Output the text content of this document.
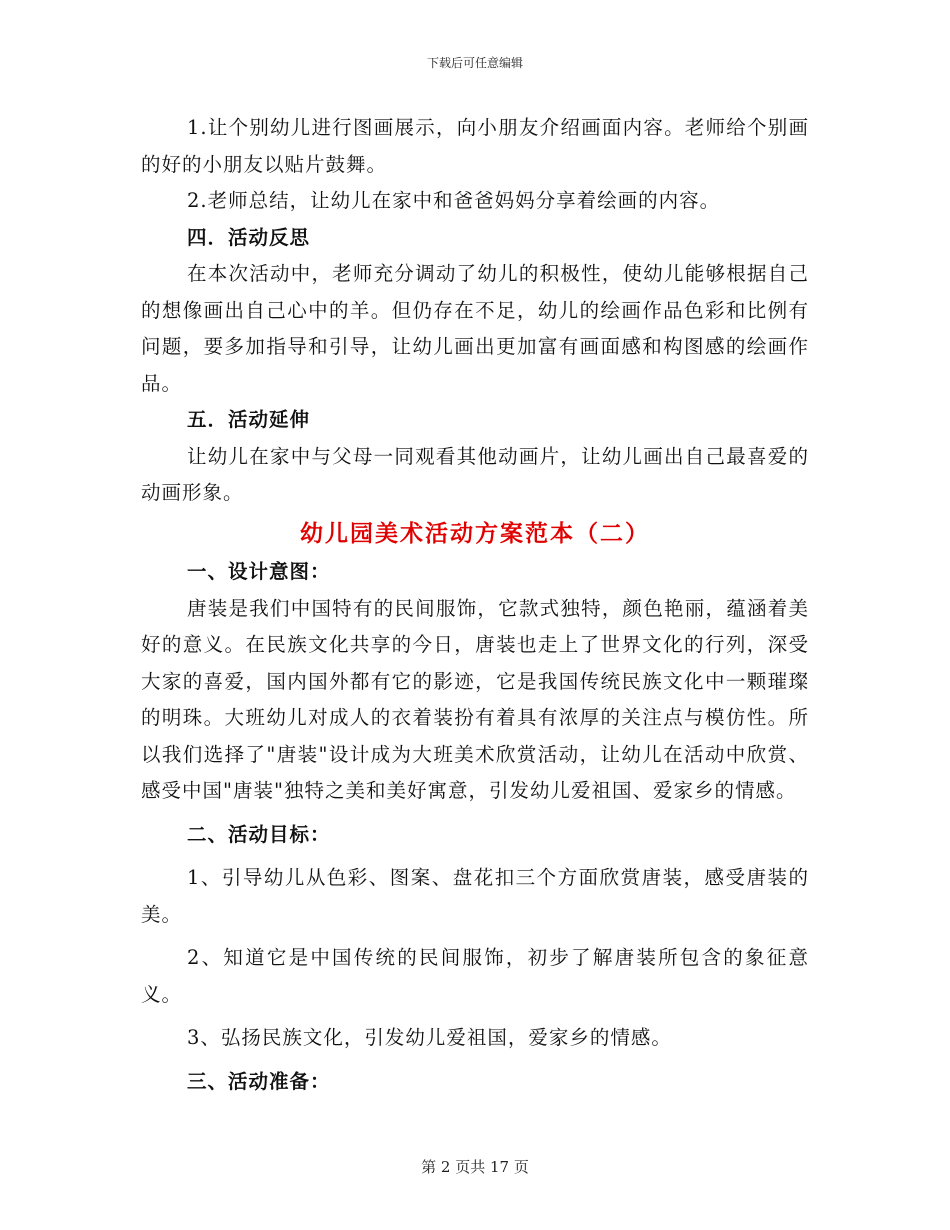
下载后可任意编辑

1.让个别幼儿进行图画展示，向小朋友介绍画面内容。老师给个别画的好的小朋友以贴片鼓舞。

2.老师总结，让幼儿在家中和爸爸妈妈分享着绘画的内容。

四．活动反思

在本次活动中，老师充分调动了幼儿的积极性，使幼儿能够根据自己的想像画出自己心中的羊。但仍存在不足，幼儿的绘画作品色彩和比例有问题，要多加指导和引导，让幼儿画出更加富有画面感和构图感的绘画作品。

五．活动延伸

让幼儿在家中与父母一同观看其他动画片，让幼儿画出自己最喜爱的动画形象。

幼儿园美术活动方案范本（二）

一、设计意图：

唐装是我们中国特有的民间服饰，它款式独特，颜色艳丽，蕴涵着美好的意义。在民族文化共享的今日，唐装也走上了世界文化的行列，深受大家的喜爱，国内国外都有它的影迹，它是我国传统民族文化中一颗璀璨的明珠。大班幼儿对成人的衣着装扮有着具有浓厚的关注点与模仿性。所以我们选择了"唐装"设计成为大班美术欣赏活动，让幼儿在活动中欣赏、感受中国"唐装"独特之美和美好寓意，引发幼儿爱祖国、爱家乡的情感。

二、活动目标：

1、引导幼儿从色彩、图案、盘花扣三个方面欣赏唐装，感受唐装的美。

2、知道它是中国传统的民间服饰，初步了解唐装所包含的象征意义。

3、弘扬民族文化，引发幼儿爱祖国，爱家乡的情感。

三、活动准备：

第 2 页共 17 页
